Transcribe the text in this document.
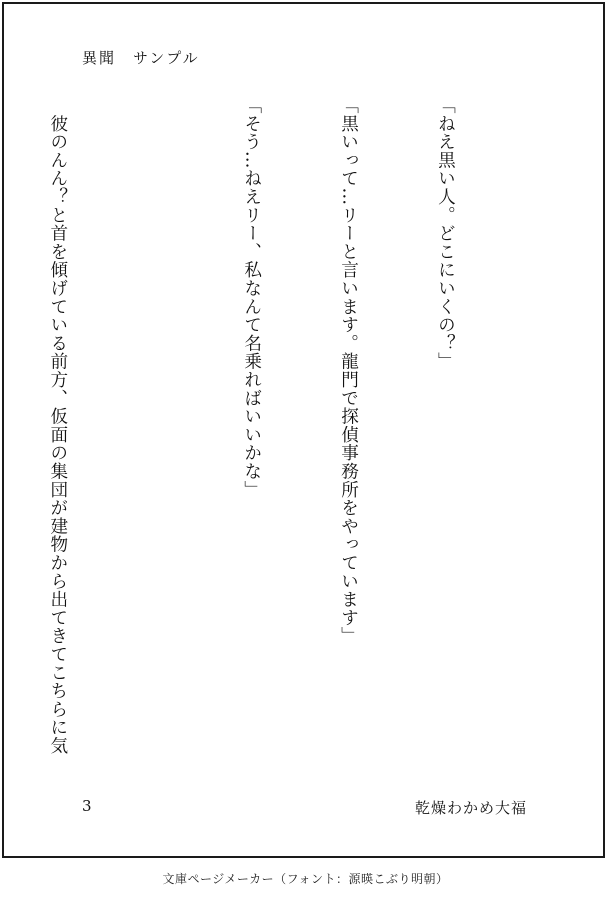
異聞　サンプル

「ねえ黒い人。どこにいくの？」

「黒いって…リーと言います。龍門で探偵事務所をやっています」

「そう…ねえリー、私なんて名乗ればいいかな」

　彼のんん？と首を傾げている前方、仮面の集団が建物から出てきてこちらに気

3	乾燥わかめ大福
文庫ページメーカー（フォント：源暎こぶり明朝）
